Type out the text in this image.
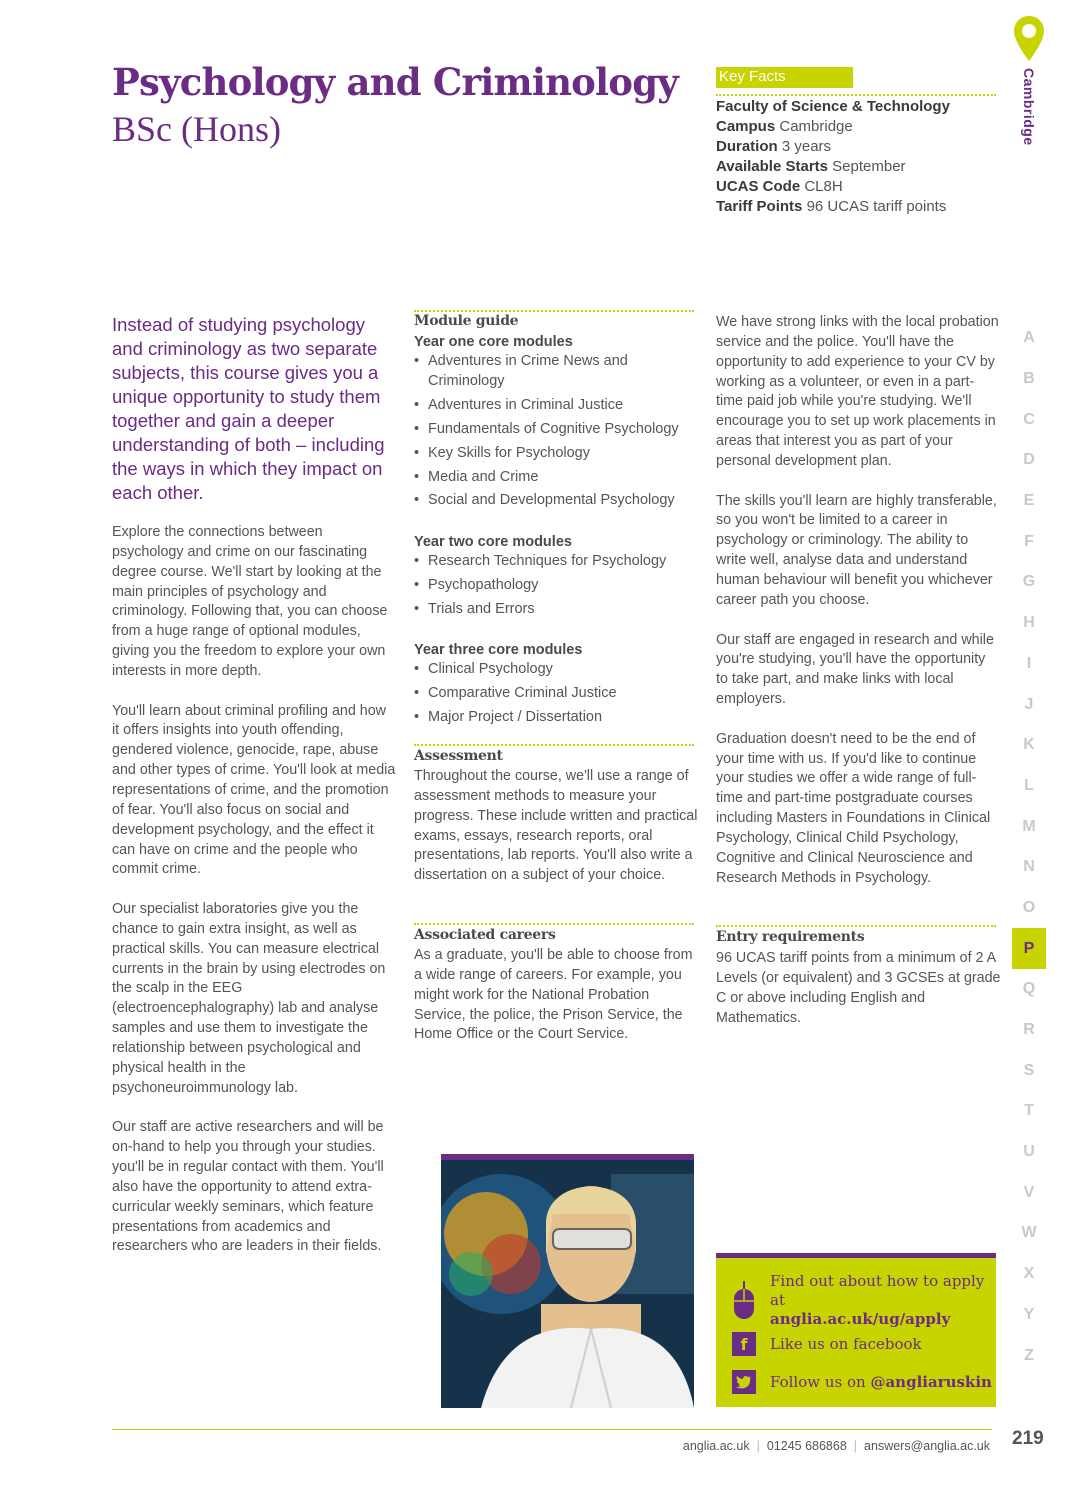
Psychology and Criminology
BSc (Hons)
Key Facts
Faculty of Science & Technology
Campus Cambridge
Duration 3 years
Available Starts September
UCAS Code CL8H
Tariff Points 96 UCAS tariff points
Cambridge
A
B
C
D
E
F
G
H
I
J
K
L
M
N
O
P
Q
R
S
T
U
V
W
X
Y
Z
Instead of studying psychology and criminology as two separate subjects, this course gives you a unique opportunity to study them together and gain a deeper understanding of both – including the ways in which they impact on each other.

Explore the connections between psychology and crime on our fascinating degree course. We'll start by looking at the main principles of psychology and criminology. Following that, you can choose from a huge range of optional modules, giving you the freedom to explore your own interests in more depth.

You'll learn about criminal profiling and how it offers insights into youth offending, gendered violence, genocide, rape, abuse and other types of crime. You'll look at media representations of crime, and the promotion of fear. You'll also focus on social and development psychology, and the effect it can have on crime and the people who commit crime.

Our specialist laboratories give you the chance to gain extra insight, as well as practical skills. You can measure electrical currents in the brain by using electrodes on the scalp in the EEG (electroencephalography) lab and analyse samples and use them to investigate the relationship between psychological and physical health in the psychoneuroimmunology lab.

Our staff are active researchers and will be on-hand to help you through your studies. you'll be in regular contact with them. You'll also have the opportunity to attend extra-curricular weekly seminars, which feature presentations from academics and researchers who are leaders in their fields.

Module guide
Year one core modules
• Adventures in Crime News and Criminology
• Adventures in Criminal Justice
• Fundamentals of Cognitive Psychology
• Key Skills for Psychology
• Media and Crime
• Social and Developmental Psychology
Year two core modules
• Research Techniques for Psychology
• Psychopathology
• Trials and Errors
Year three core modules
• Clinical Psychology
• Comparative Criminal Justice
• Major Project / Dissertation
Assessment
Throughout the course, we'll use a range of assessment methods to measure your progress. These include written and practical exams, essays, research reports, oral presentations, lab reports. You'll also write a dissertation on a subject of your choice.
Associated careers
As a graduate, you'll be able to choose from a wide range of careers. For example, you might work for the National Probation Service, the police, the Prison Service, the Home Office or the Court Service.

We have strong links with the local probation service and the police. You'll have the opportunity to add experience to your CV by working as a volunteer, or even in a part-time paid job while you're studying. We'll encourage you to set up work placements in areas that interest you as part of your personal development plan.

The skills you'll learn are highly transferable, so you won't be limited to a career in psychology or criminology. The ability to write well, analyse data and understand human behaviour will benefit you whichever career path you choose.

Our staff are engaged in research and while you're studying, you'll have the opportunity to take part, and make links with local employers.

Graduation doesn't need to be the end of your time with us. If you'd like to continue your studies we offer a wide range of full-time and part-time postgraduate courses including Masters in Foundations in Clinical Psychology, Clinical Child Psychology, Cognitive and Clinical Neuroscience and Research Methods in Psychology.

Entry requirements
96 UCAS tariff points from a minimum of 2 A Levels (or equivalent) and 3 GCSEs at grade C or above including English and Mathematics.
Find out about how to apply at
anglia.ac.uk/ug/apply
f	Like us on facebook
Follow us on @angliaruskin
anglia.ac.uk | 01245 686868 | answers@anglia.ac.uk 219
